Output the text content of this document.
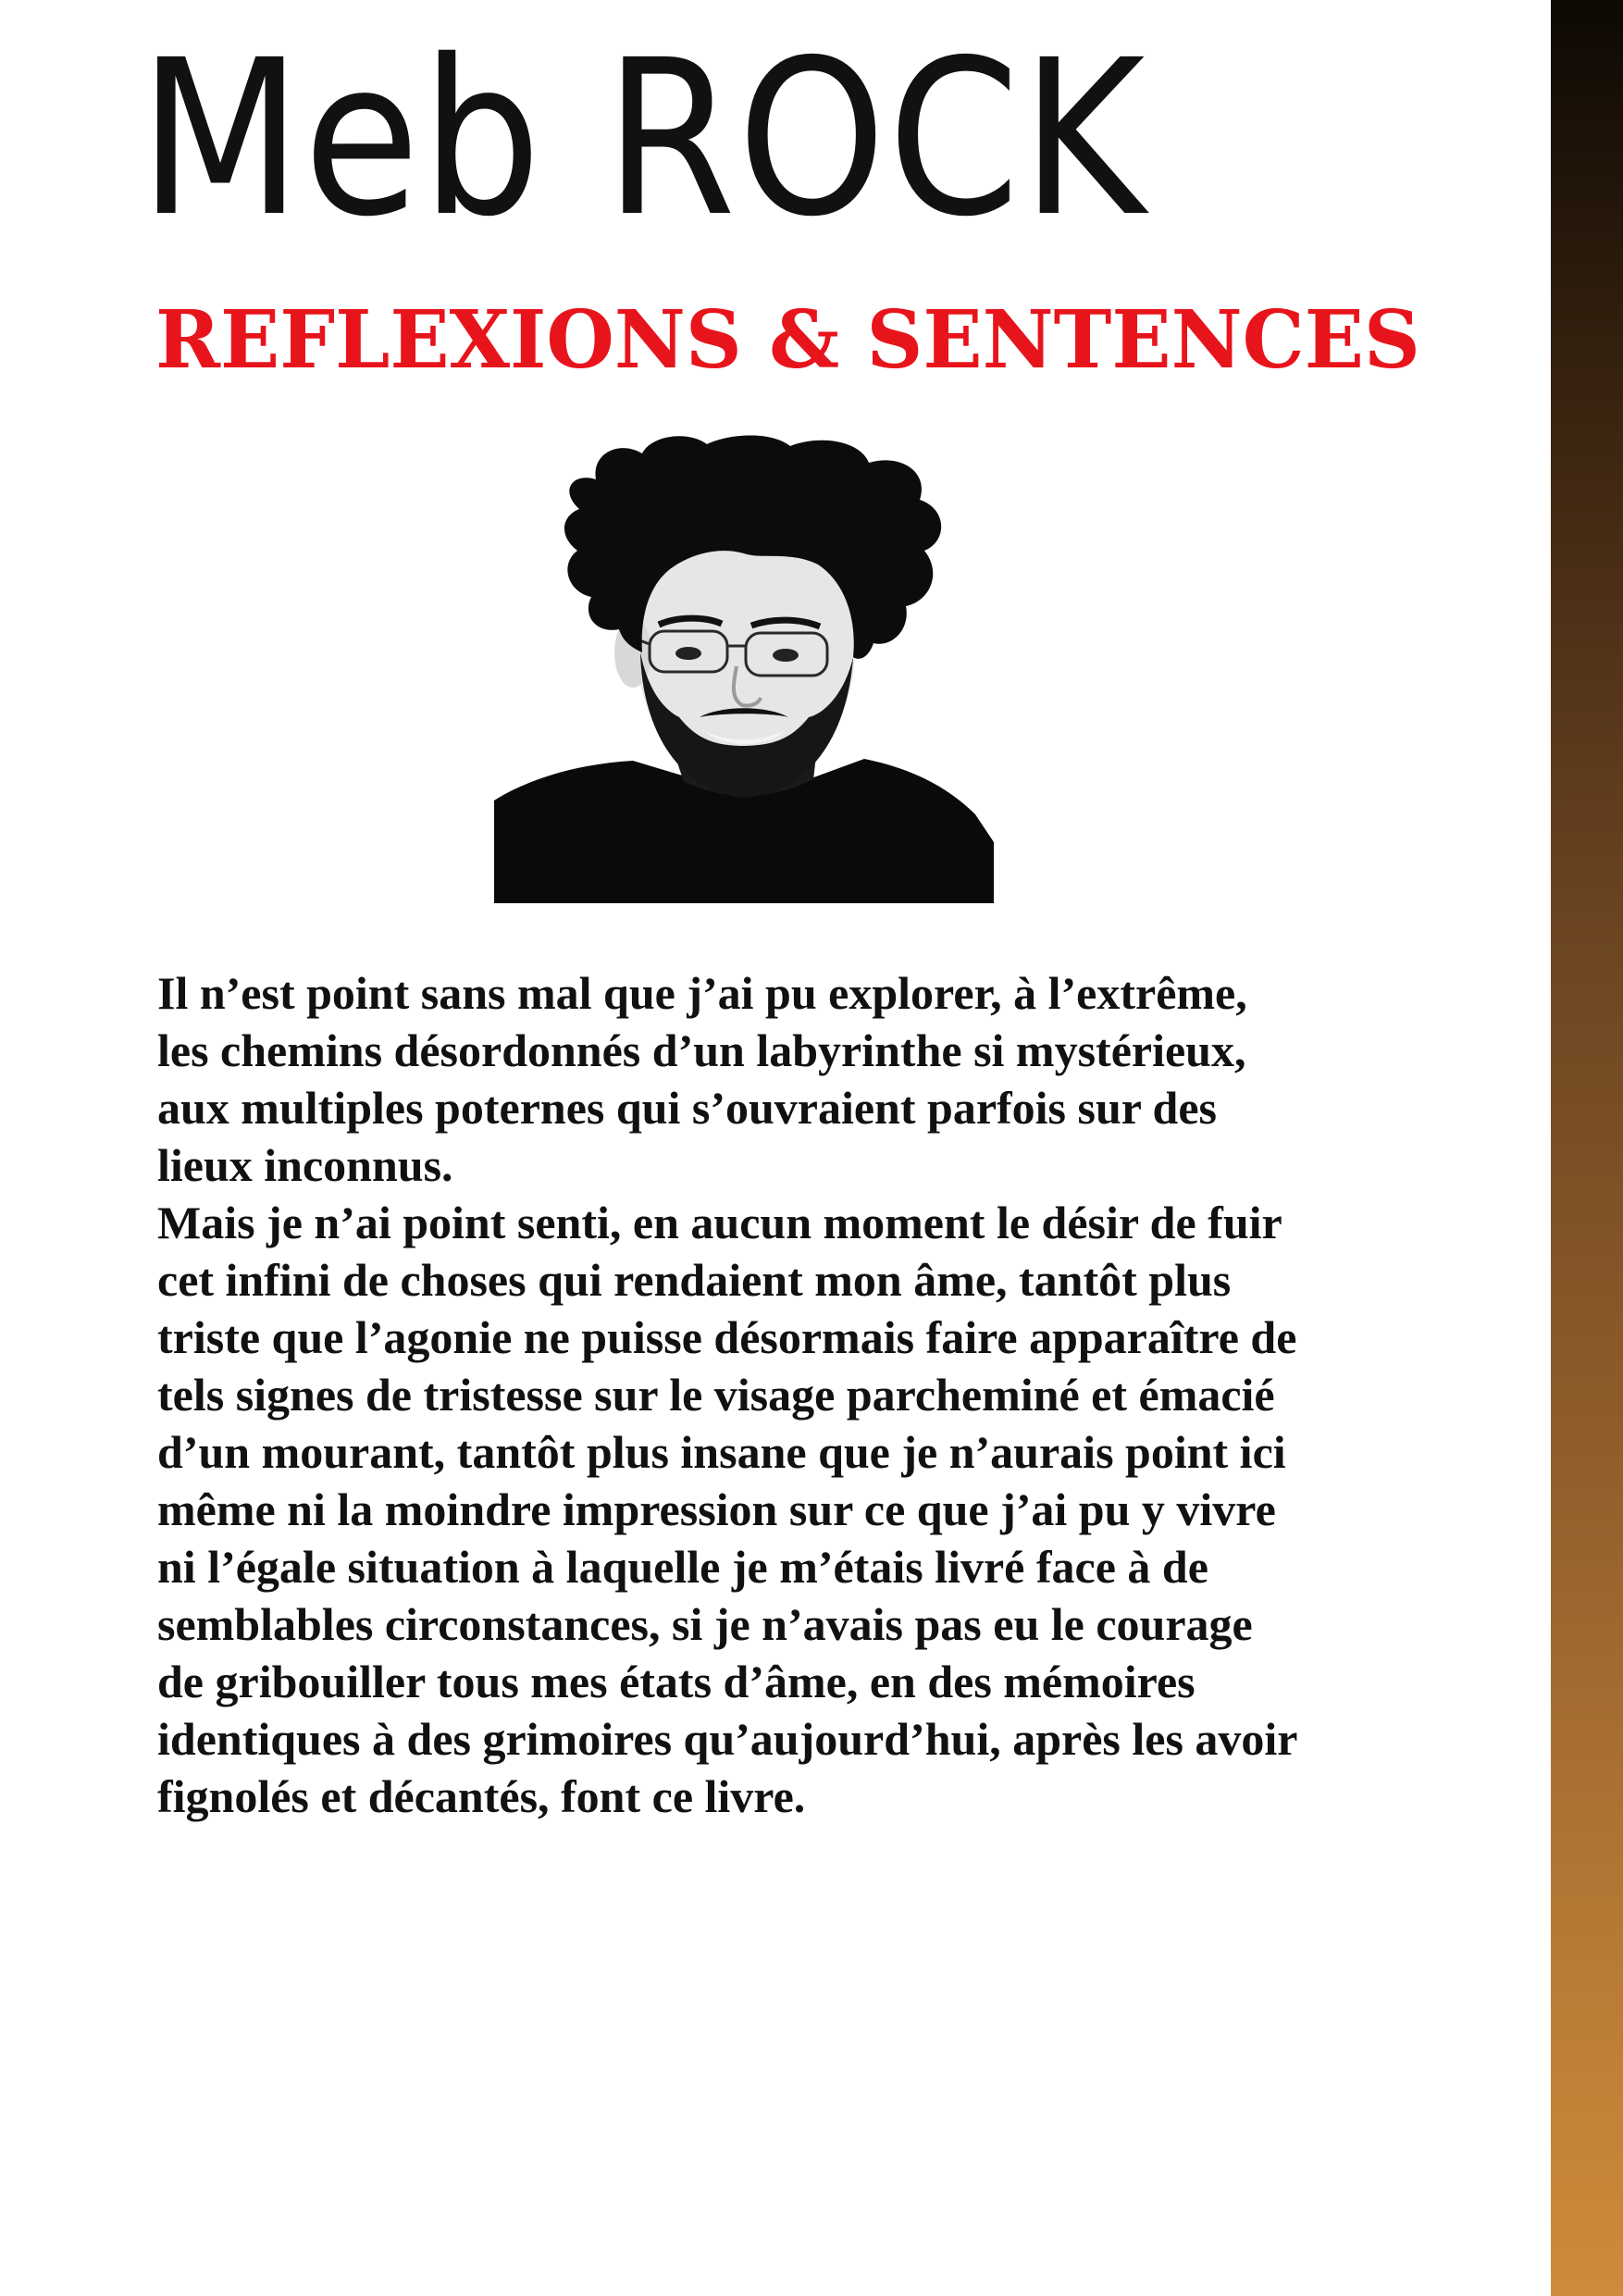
Meb ROCK
REFLEXIONS & SENTENCES
Il n’est point sans mal que j’ai pu explorer, à l’extrême,
les chemins désordonnés d’un labyrinthe si mystérieux,
aux multiples poternes qui s’ouvraient parfois sur des
lieux inconnus.
Mais je n’ai point senti, en aucun moment le désir de fuir
cet infini de choses qui rendaient mon âme, tantôt plus
triste que l’agonie ne puisse désormais faire apparaître de
tels signes de tristesse sur le visage parcheminé et émacié
d’un mourant, tantôt plus insane que je n’aurais point ici
même ni la moindre impression sur ce que j’ai pu y vivre
ni l’égale situation à laquelle je m’étais livré face à de
semblables circonstances, si je n’avais pas eu le courage
de gribouiller tous mes états d’âme, en des mémoires
identiques à des grimoires qu’aujourd’hui, après les avoir
fignolés et décantés, font ce livre.
